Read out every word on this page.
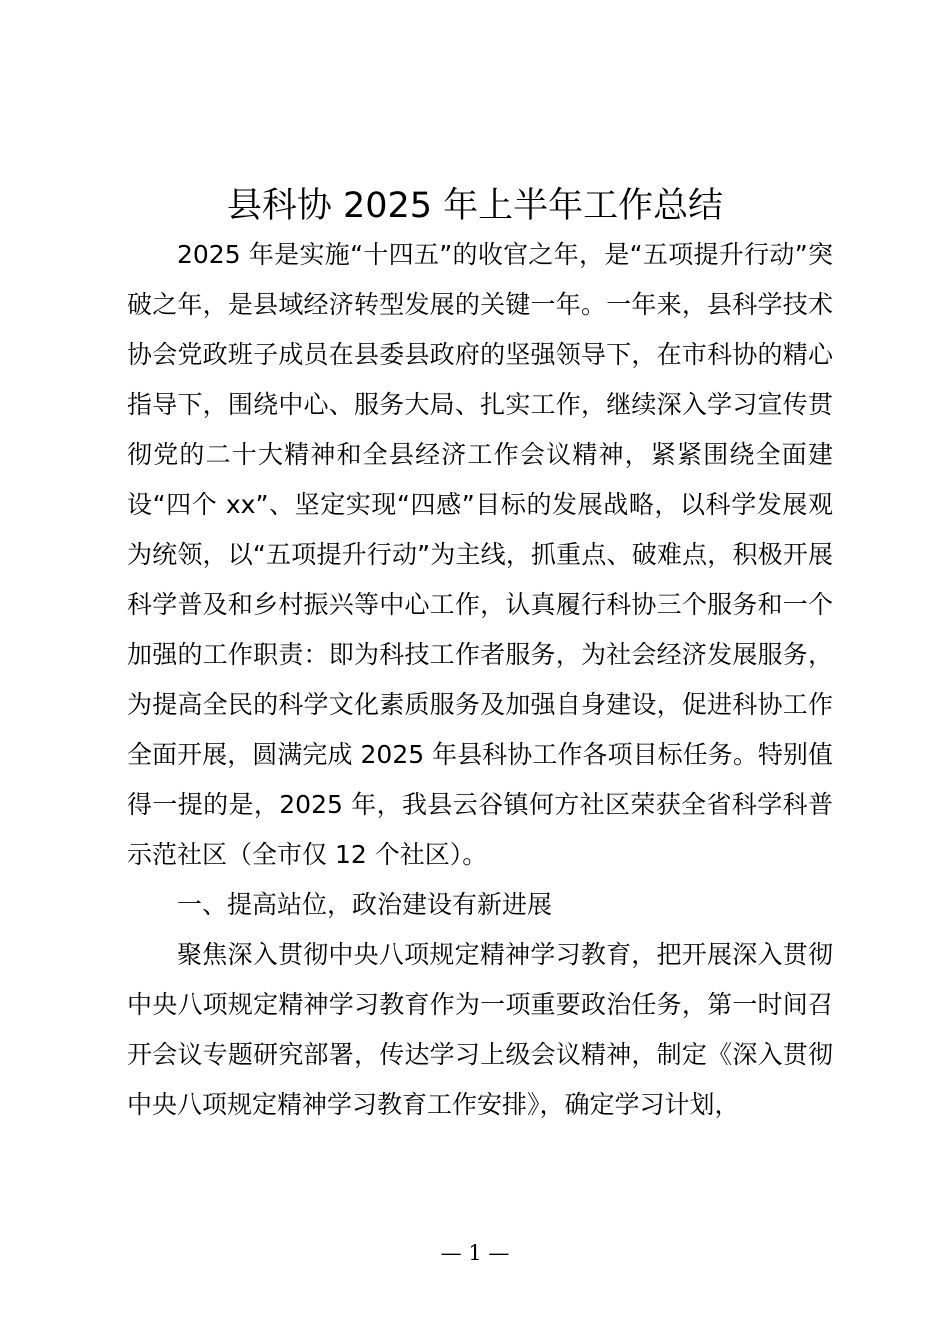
县科协 2025 年上半年工作总结

2025 年是实施“十四五”的收官之年，是“五项提升行动”突破之年，是县域经济转型发展的关键一年。一年来，县科学技术协会党政班子成员在县委县政府的坚强领导下，在市科协的精心指导下，围绕中心、服务大局、扎实工作，继续深入学习宣传贯彻党的二十大精神和全县经济工作会议精神，紧紧围绕全面建设“四个 xx”、坚定实现“四感”目标的发展战略，以科学发展观为统领，以“五项提升行动”为主线，抓重点、破难点，积极开展科学普及和乡村振兴等中心工作，认真履行科协三个服务和一个加强的工作职责：即为科技工作者服务，为社会经济发展服务，为提高全民的科学文化素质服务及加强自身建设，促进科协工作全面开展，圆满完成 2025 年县科协工作各项目标任务。特别值得一提的是，2025 年，我县云谷镇何方社区荣获全省科学科普示范社区（全市仅 12 个社区）。

一、提高站位，政治建设有新进展

聚焦深入贯彻中央八项规定精神学习教育，把开展深入贯彻中央八项规定精神学习教育作为一项重要政治任务，第一时间召开会议专题研究部署，传达学习上级会议精神，制定《深入贯彻中央八项规定精神学习教育工作安排》，确定学习计划，

— 1 —
